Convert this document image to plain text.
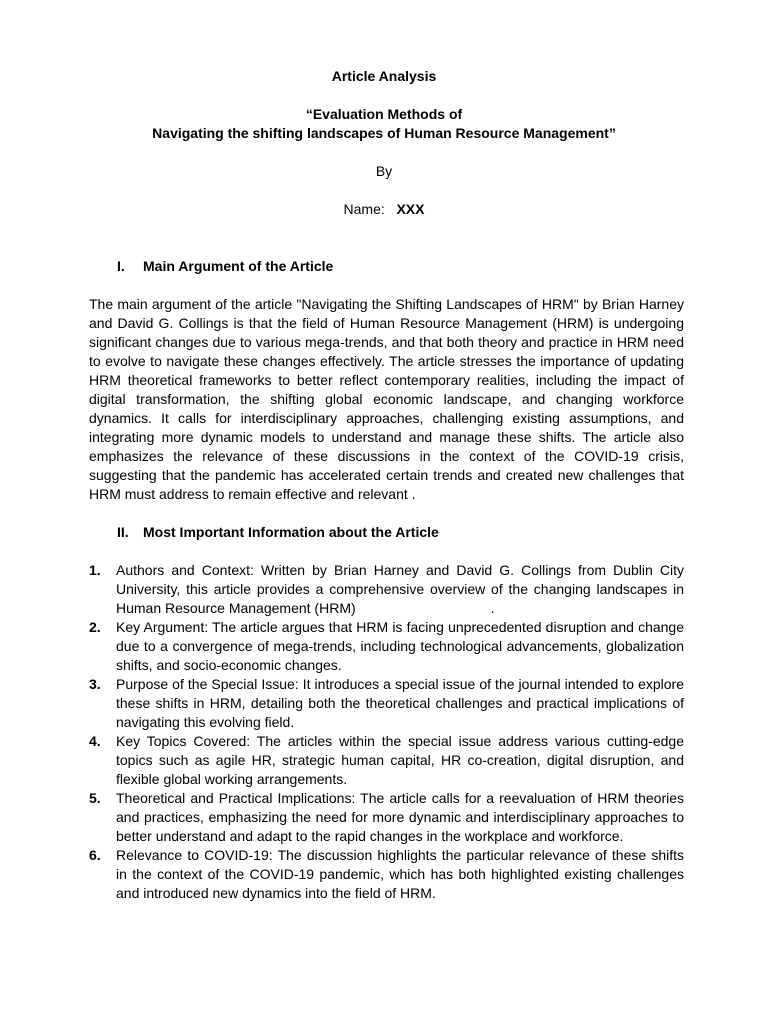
Article Analysis
“Evaluation Methods of
Navigating the shifting landscapes of Human Resource Management”
By
Name: XXX
I. Main Argument of the Article

The main argument of the article "Navigating the Shifting Landscapes of HRM" by Brian Harney and David G. Collings is that the field of Human Resource Management (HRM) is undergoing significant changes due to various mega-trends, and that both theory and practice in HRM need to evolve to navigate these changes effectively. The article stresses the importance of updating HRM theoretical frameworks to better reflect contemporary realities, including the impact of digital transformation, the shifting global economic landscape, and changing workforce dynamics. It calls for interdisciplinary approaches, challenging existing assumptions, and integrating more dynamic models to understand and manage these shifts. The article also emphasizes the relevance of these discussions in the context of the COVID-19 crisis, suggesting that the pandemic has accelerated certain trends and created new challenges that HRM must address to remain effective and relevant .

II. Most Important Information about the Article
1. Authors and Context: Written by Brian Harney and David G. Collings from Dublin City University, this article provides a comprehensive overview of the changing landscapes in Human Resource Management (HRM)	.
2. Key Argument: The article argues that HRM is facing unprecedented disruption and change due to a convergence of mega-trends, including technological advancements, globalization shifts, and socio-economic changes.
3. Purpose of the Special Issue: It introduces a special issue of the journal intended to explore these shifts in HRM, detailing both the theoretical challenges and practical implications of navigating this evolving field.
4. Key Topics Covered: The articles within the special issue address various cutting-edge topics such as agile HR, strategic human capital, HR co-creation, digital disruption, and flexible global working arrangements.
5. Theoretical and Practical Implications: The article calls for a reevaluation of HRM theories and practices, emphasizing the need for more dynamic and interdisciplinary approaches to better understand and adapt to the rapid changes in the workplace and workforce.
6. Relevance to COVID-19: The discussion highlights the particular relevance of these shifts in the context of the COVID-19 pandemic, which has both highlighted existing challenges and introduced new dynamics into the field of HRM.
